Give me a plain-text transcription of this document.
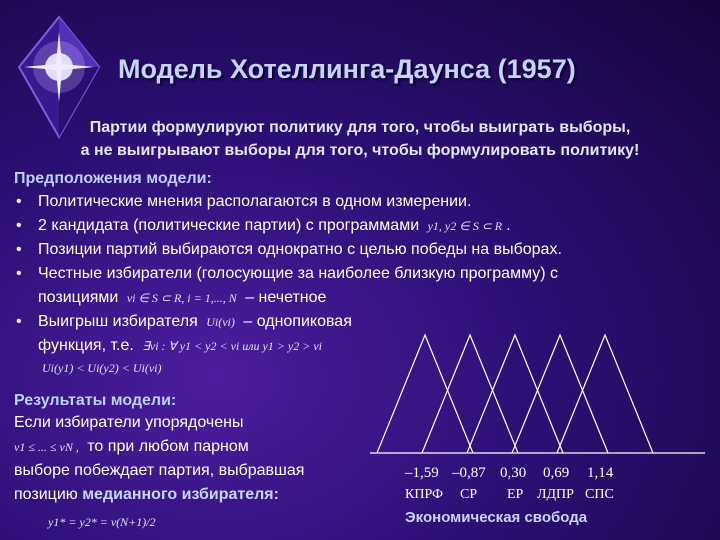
Модель Хотеллинга-Даунса (1957)
Партии формулируют политику для того, чтобы выиграть выборы,
а не выигрывают выборы для того, чтобы формулировать политику!
Предположения модели:
• Политические мнения располагаются в одном измерении.
• 2 кандидата (политические партии) с программами y1, y2 ∈ S ⊂ R .
• Позиции партий выбираются однократно с целью победы на выборах.
• Честные избиратели (голосующие за наиболее близкую программу) с
позициями vi ∈ S ⊂ R, i = 1,..., N – нечетное
• Выигрыш избирателя Ui(vi) – однопиковая
функция, т.е. ∃vi : ∀ y1 < y2 < vi или y1 > y2 > vi
Ui(y1) < Ui(y2) < Ui(vi)
Результаты модели:
Если избиратели упорядочены
v1 ≤ ... ≤ vN , то при любом парном
выборе побеждает партия, выбравшая
позицию медианного избирателя:
y1* = y2* = v(N+1)/2
–1,59 –0,87 0,30 0,69 1,14
КПРФ СР ЕР ЛДПР СПС
Экономическая свобода
